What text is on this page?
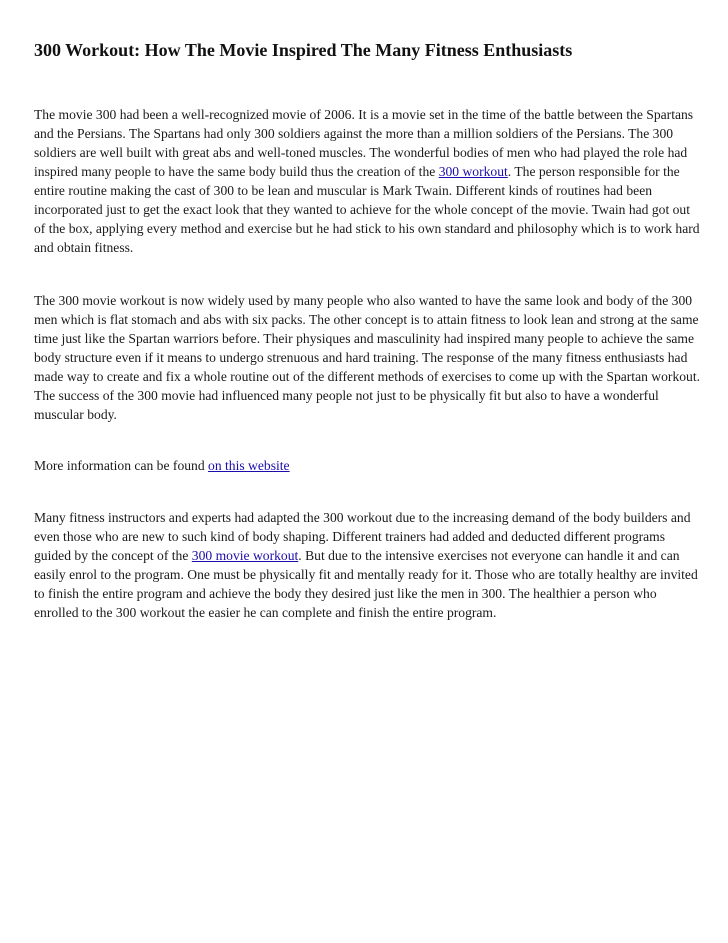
300 Workout: How The Movie Inspired The Many Fitness Enthusiasts

The movie 300 had been a well-recognized movie of 2006. It is a movie set in the time of the battle between the Spartans and the Persians. The Spartans had only 300 soldiers against the more than a million soldiers of the Persians. The 300 soldiers are well built with great abs and well-toned muscles. The wonderful bodies of men who had played the role had inspired many people to have the same body build thus the creation of the 300 workout. The person responsible for the entire routine making the cast of 300 to be lean and muscular is Mark Twain. Different kinds of routines had been incorporated just to get the exact look that they wanted to achieve for the whole concept of the movie. Twain had got out of the box, applying every method and exercise but he had stick to his own standard and philosophy which is to work hard and obtain fitness.

The 300 movie workout is now widely used by many people who also wanted to have the same look and body of the 300 men which is flat stomach and abs with six packs. The other concept is to attain fitness to look lean and strong at the same time just like the Spartan warriors before. Their physiques and masculinity had inspired many people to achieve the same body structure even if it means to undergo strenuous and hard training. The response of the many fitness enthusiasts had made way to create and fix a whole routine out of the different methods of exercises to come up with the Spartan workout. The success of the 300 movie had influenced many people not just to be physically fit but also to have a wonderful muscular body.

More information can be found on this website

Many fitness instructors and experts had adapted the 300 workout due to the increasing demand of the body builders and even those who are new to such kind of body shaping. Different trainers had added and deducted different programs guided by the concept of the 300 movie workout. But due to the intensive exercises not everyone can handle it and can easily enrol to the program. One must be physically fit and mentally ready for it. Those who are totally healthy are invited to finish the entire program and achieve the body they desired just like the men in 300. The healthier a person who enrolled to the 300 workout the easier he can complete and finish the entire program.
